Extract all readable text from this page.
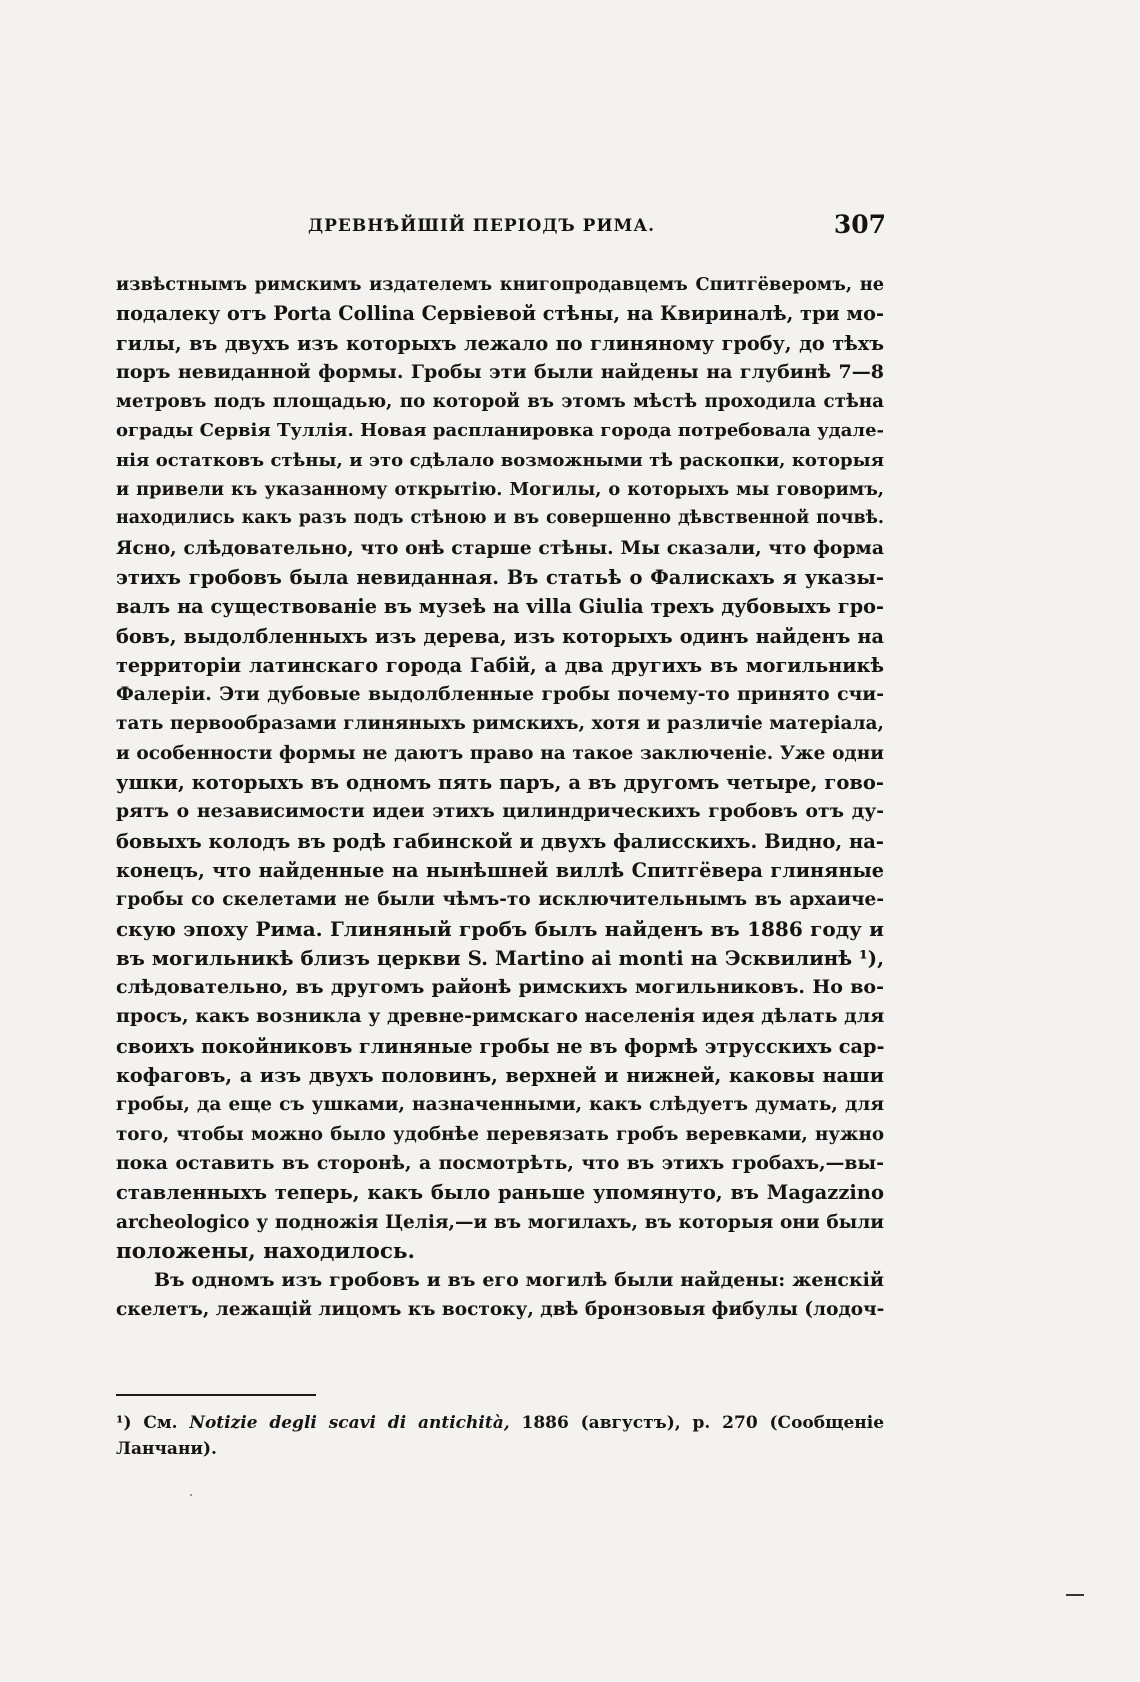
ДРЕВНѢЙШІЙ ПЕРІОДЪ РИМА.	307
извѣстнымъ римскимъ издателемъ книгопродавцемъ Спитгёверомъ, не
подалеку отъ Porta Collina Сервіевой стѣны, на Квириналѣ, три мо-
гилы, въ двухъ изъ которыхъ лежало по глиняному гробу, до тѣхъ
поръ невиданной формы. Гробы эти были найдены на глубинѣ 7—8
метровъ подъ площадью, по которой въ этомъ мѣстѣ проходила стѣна
ограды Сервія Туллія. Новая распланировка города потребовала удале-
нія остатковъ стѣны, и это сдѣлало возможными тѣ раскопки, которыя
и привели къ указанному открытію. Могилы, о которыхъ мы говоримъ,
находились какъ разъ подъ стѣною и въ совершенно дѣвственной почвѣ.
Ясно, слѣдовательно, что онѣ старше стѣны. Мы сказали, что форма
этихъ гробовъ была невиданная. Въ статьѣ о Фалискахъ я указы-
валъ на существованіе въ музеѣ на villa Giulia трехъ дубовыхъ гро-
бовъ, выдолбленныхъ изъ дерева, изъ которыхъ одинъ найденъ на
территоріи латинскаго города Габій, а два другихъ въ могильникѣ
Фалеріи. Эти дубовые выдолбленные гробы почему-то принято счи-
тать первообразами глиняныхъ римскихъ, хотя и различіе матеріала,
и особенности формы не даютъ право на такое заключеніе. Уже одни
ушки, которыхъ въ одномъ пять паръ, а въ другомъ четыре, гово-
рятъ о независимости идеи этихъ цилиндрическихъ гробовъ отъ ду-
бовыхъ колодъ въ родѣ габинской и двухъ фалисскихъ. Видно, на-
конецъ, что найденные на нынѣшней виллѣ Спитгёвера глиняные
гробы со скелетами не были чѣмъ-то исключительнымъ въ архаиче-
скую эпоху Рима. Глиняный гробъ былъ найденъ въ 1886 году и
въ могильникѣ близъ церкви S. Martino ai monti на Эсквилинѣ ¹),
слѣдовательно, въ другомъ районѣ римскихъ могильниковъ. Но во-
просъ, какъ возникла у древне-римскаго населенія идея дѣлать для
своихъ покойниковъ глиняные гробы не въ формѣ этрусскихъ сар-
кофаговъ, а изъ двухъ половинъ, верхней и нижней, каковы наши
гробы, да еще съ ушками, назначенными, какъ слѣдуетъ думать, для
того, чтобы можно было удобнѣе перевязать гробъ веревками, нужно
пока оставить въ сторонѣ, а посмотрѣть, что въ этихъ гробахъ,—вы-
ставленныхъ теперь, какъ было раньше упомянуто, въ Magazzino
archeologico у подножія Целія,—и въ могилахъ, въ которыя они были
положены, находилось.
Въ одномъ изъ гробовъ и въ его могилѣ были найдены: женскій
скелетъ, лежащій лицомъ къ востоку, двѣ бронзовыя фибулы (лодоч-
¹) См. Notizie degli scavi di antichità, 1886 (августъ), p. 270 (Сообщеніе
Ланчани).
